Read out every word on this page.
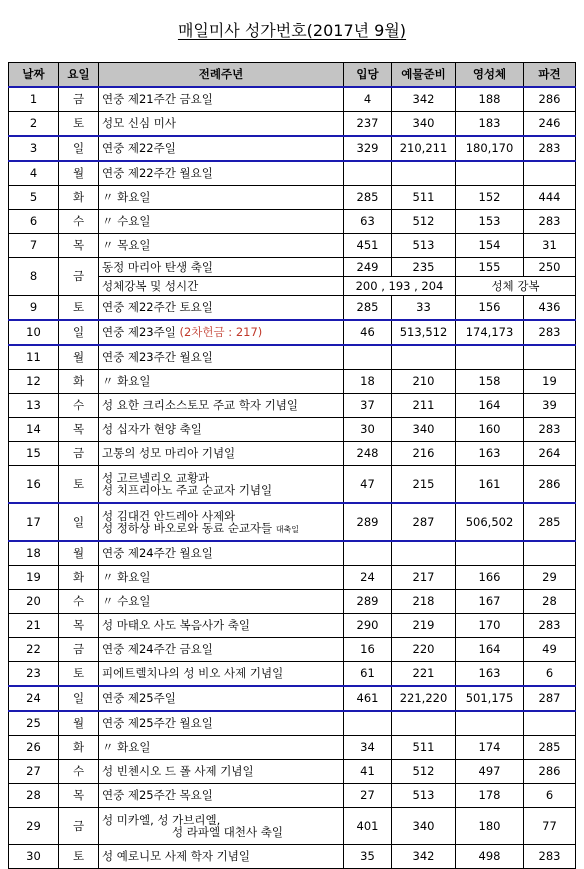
매일미사 성가번호(2017년 9월)
날짜	요일	전례주년	입당	예물준비	영성체	파견
1	금	연중 제21주간 금요일	4	342	188	286
2	토	성모 신심 미사	237	340	183	246
3	일	연중 제22주일	329	210,211	180,170	283
4	월	연중 제22주간 월요일				
5	화	〃 화요일	285	511	152	444
6	수	〃 수요일	63	512	153	283
7	목	〃 목요일	451	513	154	31
8	금	동정 마리아 탄생 축일	249	235	155	250
		성체강복 및 성시간	200 , 193 , 204		성체 강복	
9	토	연중 제22주간 토요일	285	33	156	436
10	일	연중 제23주일 (2차헌금 : 217)	46	513,512	174,173	283
11	월	연중 제23주간 월요일				
12	화	〃 화요일	18	210	158	19
13	수	성 요한 크리소스토모 주교 학자 기념일	37	211	164	39
14	목	성 십자가 현양 축일	30	340	160	283
15	금	고통의 성모 마리아 기념일	248	216	163	264
16	토	성 고르넬리오 교황과
성 치프리아노 주교 순교자 기념일	47	215	161	286
17	일	성 김대건 안드레아 사제와
성 정하상 바오로와 동료 순교자들 대축일	289	287	506,502	285
18	월	연중 제24주간 월요일				
19	화	〃 화요일	24	217	166	29
20	수	〃 수요일	289	218	167	28
21	목	성 마태오 사도 복음사가 축일	290	219	170	283
22	금	연중 제24주간 금요일	16	220	164	49
23	토	피에트렐치나의 성 비오 사제 기념일	61	221	163	6
24	일	연중 제25주일	461	221,220	501,175	287
25	월	연중 제25주간 월요일				
26	화	〃 화요일	34	511	174	285
27	수	성 빈첸시오 드 폴 사제 기념일	41	512	497	286
28	목	연중 제25주간 목요일	27	513	178	6
29	금	성 미카엘, 성 가브리엘,
성 라파엘 대천사 축일	401	340	180	77
30	토	성 예로니모 사제 학자 기념일	35	342	498	283
